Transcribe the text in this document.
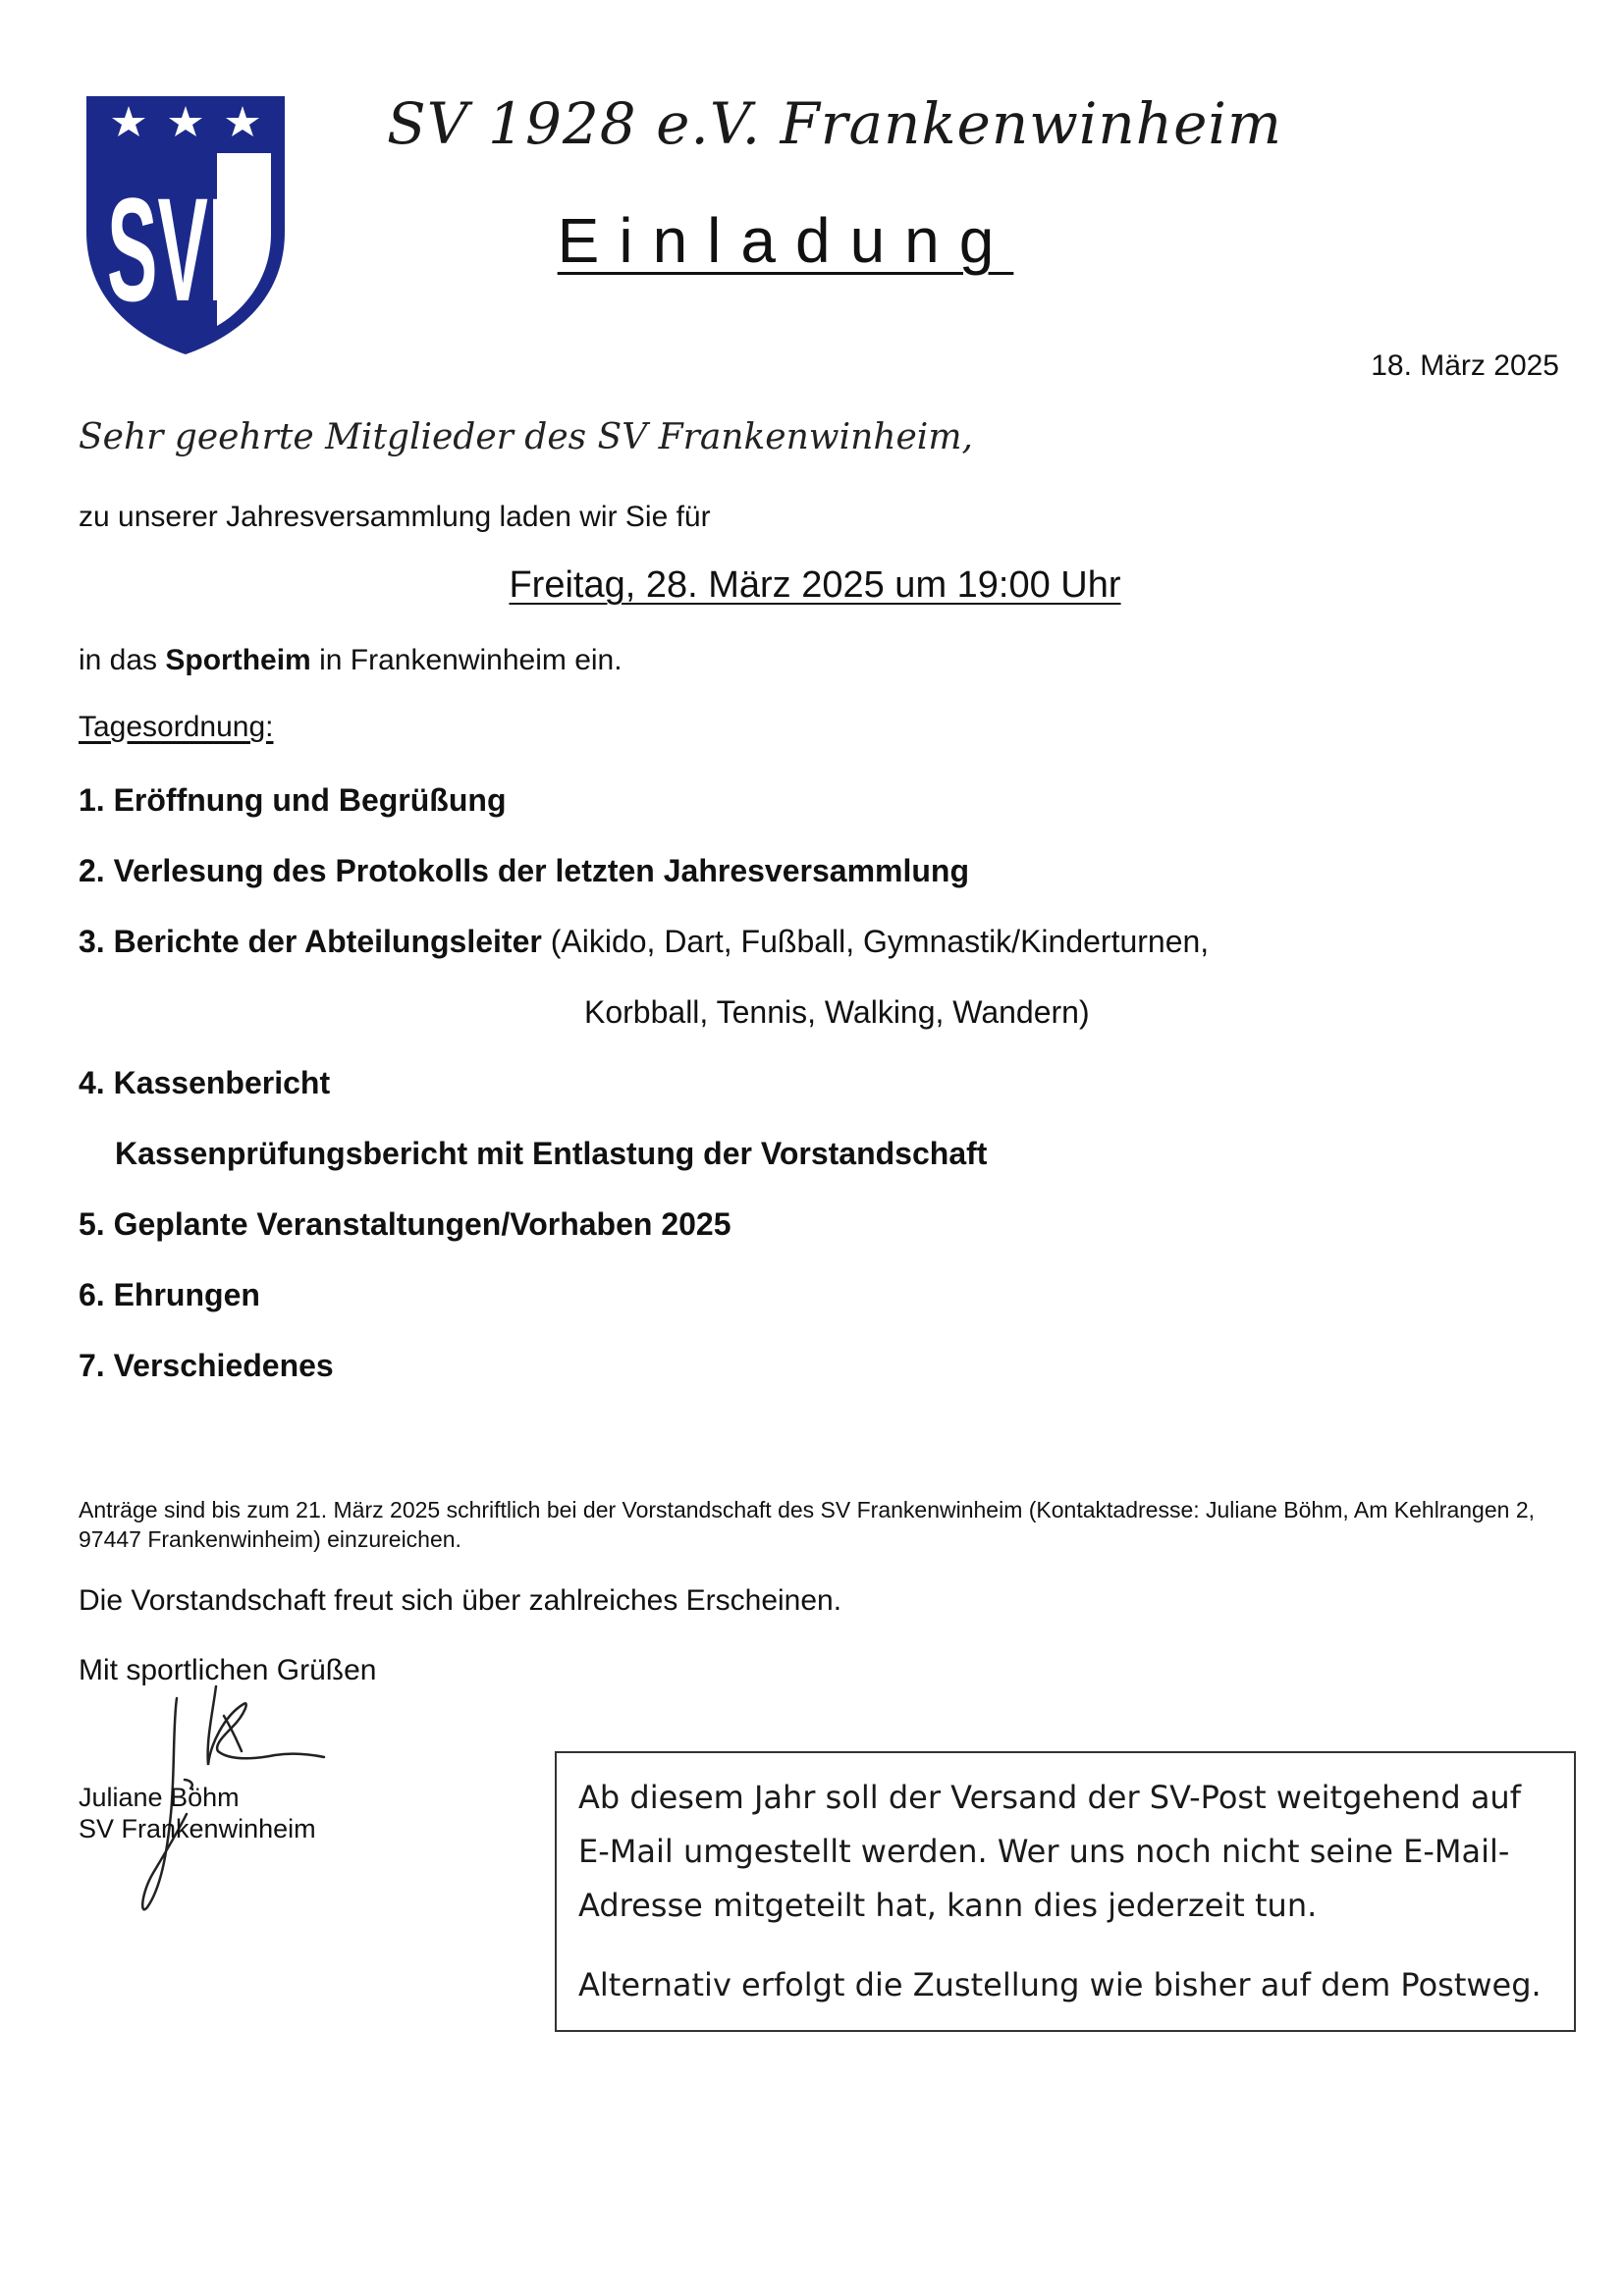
SVF
SV 1928 e.V. Frankenwinheim
Einladung
18. März 2025
Sehr geehrte Mitglieder des SV Frankenwinheim,
zu unserer Jahresversammlung laden wir Sie für
Freitag, 28. März 2025 um 19:00 Uhr
in das Sportheim in Frankenwinheim ein.
Tagesordnung:
1. Eröffnung und Begrüßung
2. Verlesung des Protokolls der letzten Jahresversammlung
3. Berichte der Abteilungsleiter (Aikido, Dart, Fußball, Gymnastik/Kinderturnen,
Korbball, Tennis, Walking, Wandern)
4. Kassenbericht
Kassenprüfungsbericht mit Entlastung der Vorstandschaft
5. Geplante Veranstaltungen/Vorhaben 2025
6. Ehrungen
7. Verschiedenes
Anträge sind bis zum 21. März 2025 schriftlich bei der Vorstandschaft des SV Frankenwinheim (Kontaktadresse: Juliane Böhm, Am Kehlrangen 2, 97447 Frankenwinheim) einzureichen.
Die Vorstandschaft freut sich über zahlreiches Erscheinen.
Mit sportlichen Grüßen
Juliane Böhm
SV Frankenwinheim

Ab diesem Jahr soll der Versand der SV-Post weitgehend auf E-Mail umgestellt werden. Wer uns noch nicht seine E-Mail-Adresse mitgeteilt hat, kann dies jederzeit tun.

Alternativ erfolgt die Zustellung wie bisher auf dem Postweg.
